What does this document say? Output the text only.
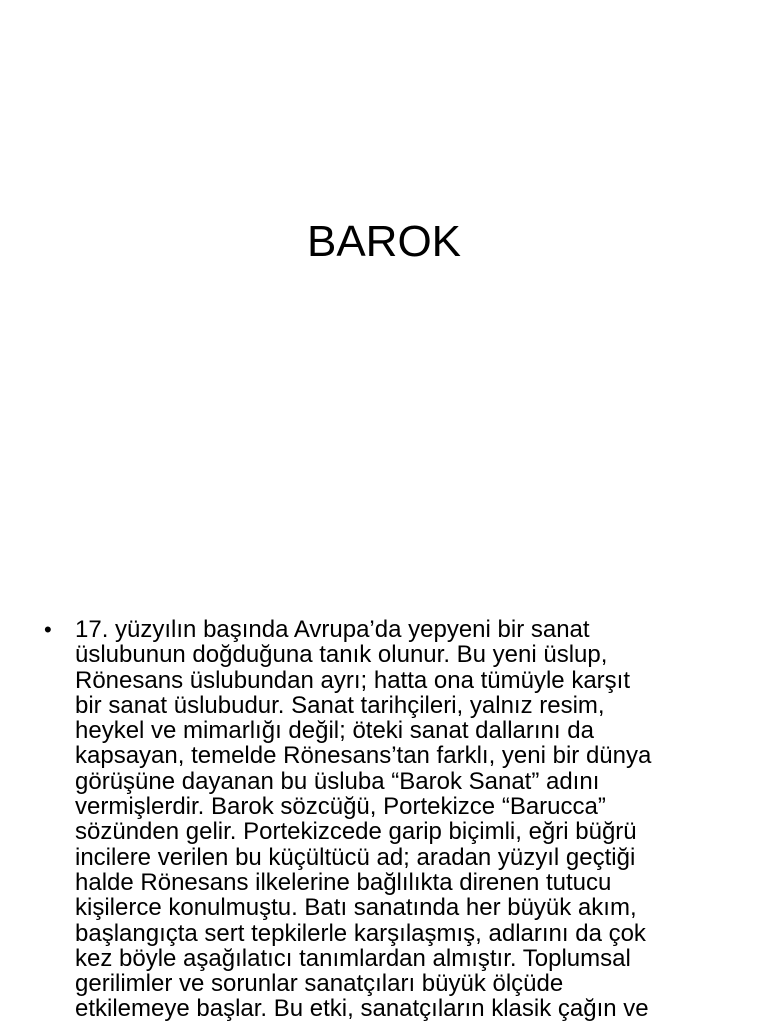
BAROK
• 17. yüzyılın başında Avrupa’da yepyeni bir sanat
üslubunun doğduğuna tanık olunur. Bu yeni üslup,
Rönesans üslubundan ayrı; hatta ona tümüyle karşıt
bir sanat üslubudur. Sanat tarihçileri, yalnız resim,
heykel ve mimarlığı değil; öteki sanat dallarını da
kapsayan, temelde Rönesans’tan farklı, yeni bir dünya
görüşüne dayanan bu üsluba “Barok Sanat” adını
vermişlerdir. Barok sözcüğü, Portekizce “Barucca”
sözünden gelir. Portekizcede garip biçimli, eğri büğrü
incilere verilen bu küçültücü ad; aradan yüzyıl geçtiği
halde Rönesans ilkelerine bağlılıkta direnen tutucu
kişilerce konulmuştu. Batı sanatında her büyük akım,
başlangıçta sert tepkilerle karşılaşmış, adlarını da çok
kez böyle aşağılatıcı tanımlardan almıştır. Toplumsal
gerilimler ve sorunlar sanatçıları büyük ölçüde
etkilemeye başlar. Bu etki, sanatçıların klasik çağın ve
